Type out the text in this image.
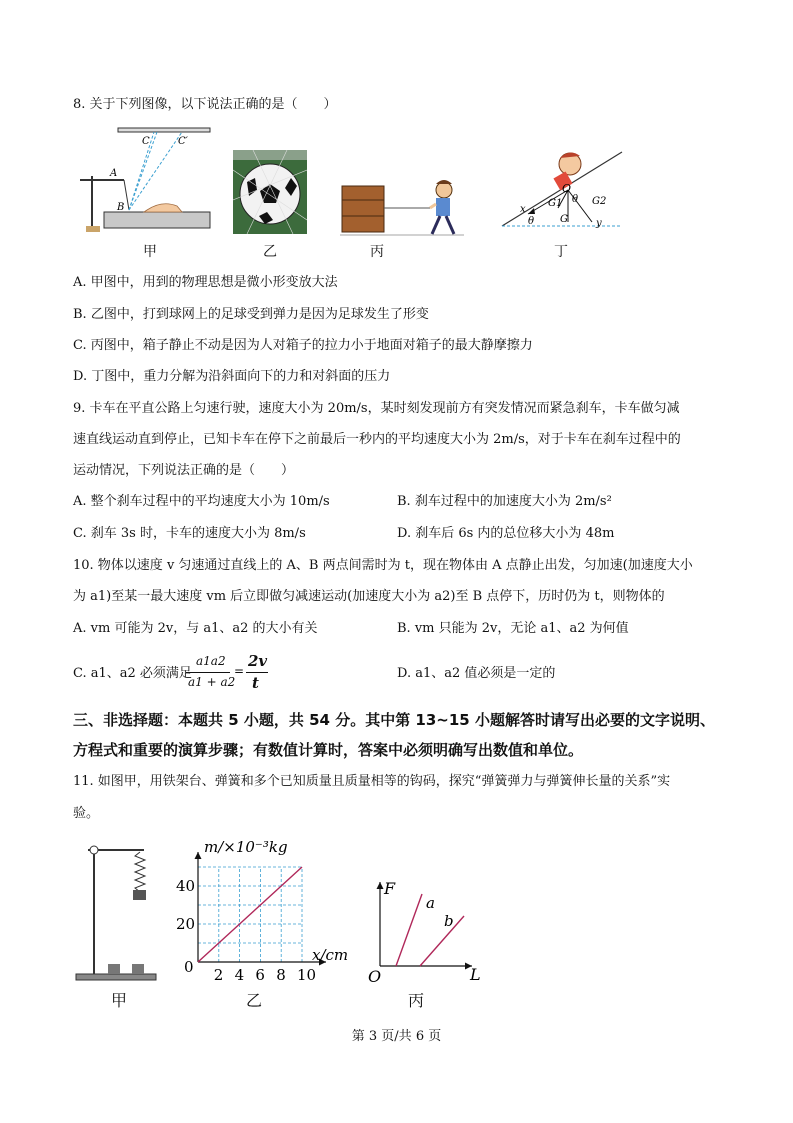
8. 关于下列图像，以下说法正确的是（　　）
A
B
C	C′
O
G
G1	G2
x
y
θ
θ
甲	乙	丙	丁
A. 甲图中，用到的物理思想是微小形变放大法
B. 乙图中，打到球网上的足球受到弹力是因为足球发生了形变
C. 丙图中，箱子静止不动是因为人对箱子的拉力小于地面对箱子的最大静摩擦力
D. 丁图中，重力分解为沿斜面向下的力和对斜面的压力
9. 卡车在平直公路上匀速行驶，速度大小为 20m/s，某时刻发现前方有突发情况而紧急刹车，卡车做匀减
速直线运动直到停止，已知卡车在停下之前最后一秒内的平均速度大小为 2m/s，对于卡车在刹车过程中的
运动情况，下列说法正确的是（　　）
A. 整个刹车过程中的平均速度大小为 10m/s	B. 刹车过程中的加速度大小为 2m/s²
C. 刹车 3s 时，卡车的速度大小为 8m/s	D. 刹车后 6s 内的总位移大小为 48m
10. 物体以速度 v 匀速通过直线上的 A、B 两点间需时为 t，现在物体由 A 点静止出发，匀加速(加速度大小
为 a1)至某一最大速度 vm 后立即做匀减速运动(加速度大小为 a2)至 B 点停下，历时仍为 t，则物体的
A. vm 可能为 2v，与 a1、a2 的大小有关	B. vm 只能为 2v，无论 a1、a2 为何值
C. a1、a2 必须满足
a1a2
a1 + a2
=
2v
t
D. a1、a2 值必须是一定的
三、非选择题：本题共 5 小题，共 54 分。其中第 13~15 小题解答时请写出必要的文字说明、
方程式和重要的演算步骤；有数值计算时，答案中必须明确写出数值和单位。
11. 如图甲，用铁架台、弹簧和多个已知质量且质量相等的钩码，探究“弹簧弹力与弹簧伸长量的关系”实
验。
2 4 6 8 10
0
20
40
m/×10⁻³kg
x/cm
F
L
O
a
b
甲	乙	丙
第 3 页/共 6 页
